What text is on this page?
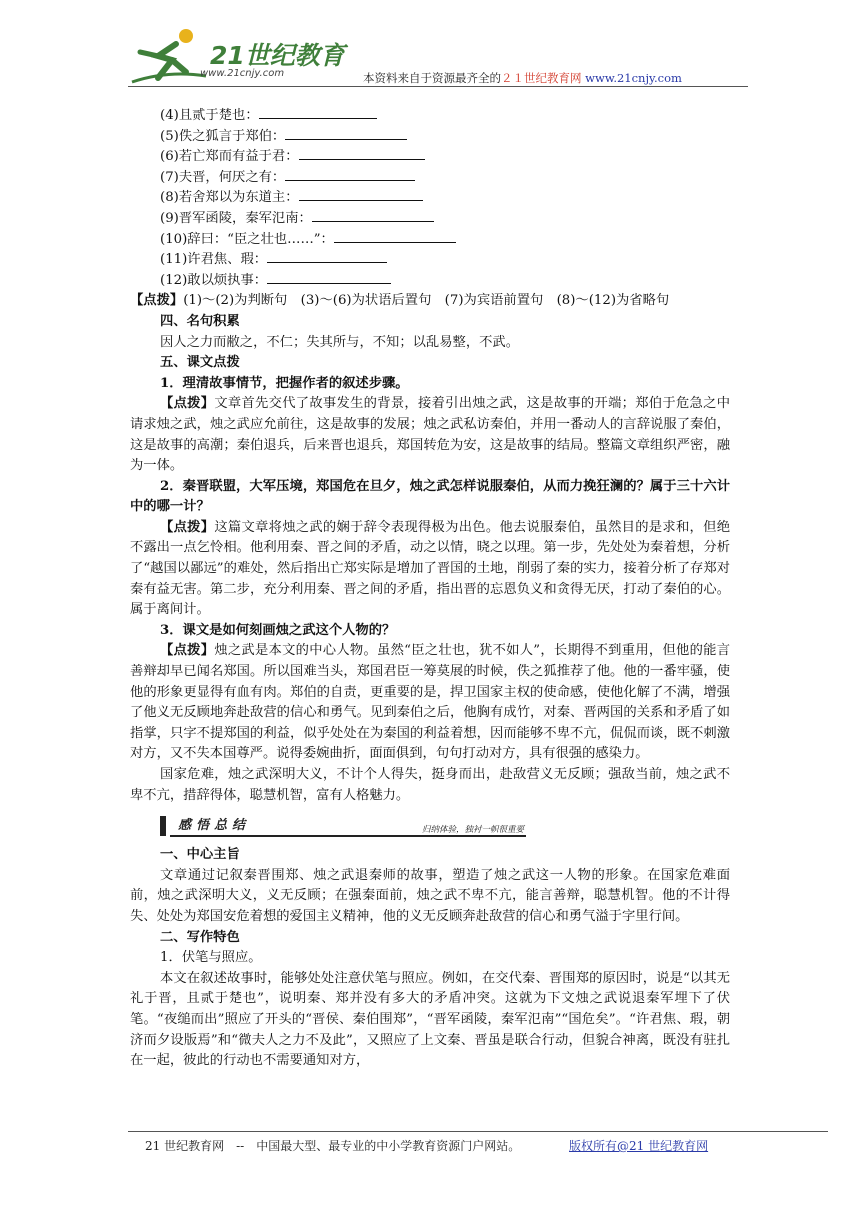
21世纪教育
www.21cnjy.com	本资料来自于资源最齐全的２１世纪教育网 www.21cnjy.com
(4)且贰于楚也：
(5)佚之狐言于郑伯：
(6)若亡郑而有益于君：
(7)夫晋，何厌之有：
(8)若舍郑以为东道主：
(9)晋军函陵，秦军氾南：
(10)辞曰：“臣之壮也……”：
(11)许君焦、瑕：
(12)敢以烦执事：
【点拨】(1)～(2)为判断句　(3)～(6)为状语后置句　(7)为宾语前置句　(8)～(12)为省略句
四、名句积累
因人之力而敝之，不仁；失其所与，不知；以乱易整，不武。
五、课文点拨
1．理清故事情节，把握作者的叙述步骤。
【点拨】文章首先交代了故事发生的背景，接着引出烛之武，这是故事的开端；郑伯于危急之中请求烛之武，烛之武应允前往，这是故事的发展；烛之武私访秦伯，并用一番动人的言辞说服了秦伯，这是故事的高潮；秦伯退兵，后来晋也退兵，郑国转危为安，这是故事的结局。整篇文章组织严密，融为一体。
2．秦晋联盟，大军压境，郑国危在旦夕，烛之武怎样说服秦伯，从而力挽狂澜的？属于三十六计中的哪一计？
【点拨】这篇文章将烛之武的娴于辞令表现得极为出色。他去说服秦伯，虽然目的是求和，但绝不露出一点乞怜相。他利用秦、晋之间的矛盾，动之以情，晓之以理。第一步，先处处为秦着想，分析了“越国以鄙远”的难处，然后指出亡郑实际是增加了晋国的土地，削弱了秦的实力，接着分析了存郑对秦有益无害。第二步，充分利用秦、晋之间的矛盾，指出晋的忘恩负义和贪得无厌，打动了秦伯的心。属于离间计。
3．课文是如何刻画烛之武这个人物的？
【点拨】烛之武是本文的中心人物。虽然“臣之壮也，犹不如人”，长期得不到重用，但他的能言善辩却早已闻名郑国。所以国难当头，郑国君臣一筹莫展的时候，佚之狐推荐了他。他的一番牢骚，使他的形象更显得有血有肉。郑伯的自责，更重要的是，捍卫国家主权的使命感，使他化解了不满，增强了他义无反顾地奔赴敌营的信心和勇气。见到秦伯之后，他胸有成竹，对秦、晋两国的关系和矛盾了如指掌，只字不提郑国的利益，似乎处处在为秦国的利益着想，因而能够不卑不亢，侃侃而谈，既不刺激对方，又不失本国尊严。说得委婉曲折，面面俱到，句句打动对方，具有很强的感染力。
国家危难，烛之武深明大义，不计个人得失，挺身而出，赴敌营义无反顾；强敌当前，烛之武不卑不亢，措辞得体，聪慧机智，富有人格魅力。
感悟总结	归纳体验，独衬一帜很重要
一、中心主旨
文章通过记叙秦晋围郑、烛之武退秦师的故事，塑造了烛之武这一人物的形象。在国家危难面前，烛之武深明大义，义无反顾；在强秦面前，烛之武不卑不亢，能言善辩，聪慧机智。他的不计得失、处处为郑国安危着想的爱国主义精神，他的义无反顾奔赴敌营的信心和勇气溢于字里行间。
二、写作特色
1．伏笔与照应。
本文在叙述故事时，能够处处注意伏笔与照应。例如，在交代秦、晋围郑的原因时，说是“以其无礼于晋，且贰于楚也”，说明秦、郑并没有多大的矛盾冲突。这就为下文烛之武说退秦军埋下了伏笔。“夜缒而出”照应了开头的“晋侯、秦伯围郑”，“晋军函陵，秦军氾南”“国危矣”。“许君焦、瑕，朝济而夕设版焉”和“微夫人之力不及此”，又照应了上文秦、晋虽是联合行动，但貌合神离，既没有驻扎在一起，彼此的行动也不需要通知对方，
21 世纪教育网　--　中国最大型、最专业的中小学教育资源门户网站。	版权所有@21 世纪教育网
